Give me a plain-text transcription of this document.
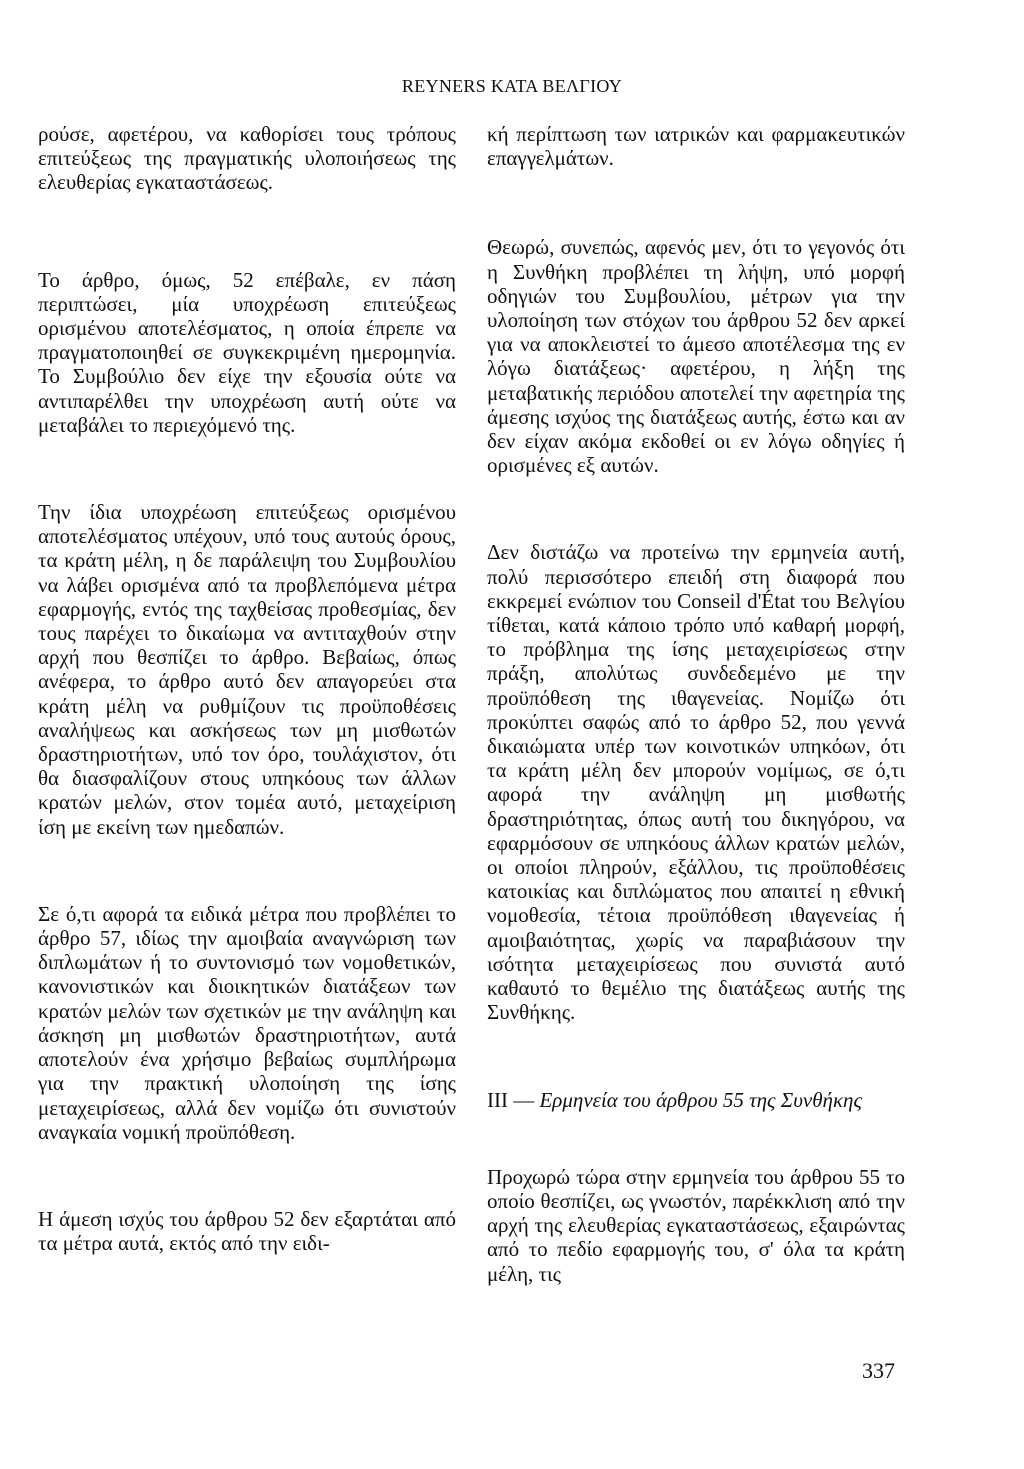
REYNERS ΚΑΤΑ ΒΕΛΓΙΟΥ

ρούσε, αφετέρου, να καθορίσει τους τρόπους επιτεύξεως της πραγματικής υλοποιήσεως της ελευθερίας εγκαταστάσεως.

Το άρθρο, όμως, 52 επέβαλε, εν πάση περιπτώσει, μία υποχρέωση επιτεύξεως ορισμένου αποτελέσματος, η οποία έπρεπε να πραγματοποιηθεί σε συγκεκριμένη ημερομηνία. Το Συμβούλιο δεν είχε την εξουσία ούτε να αντιπαρέλθει την υποχρέωση αυτή ούτε να μεταβάλει το περιεχόμενό της.

Την ίδια υποχρέωση επιτεύξεως ορισμένου αποτελέσματος υπέχουν, υπό τους αυτούς όρους, τα κράτη μέλη, η δε παράλειψη του Συμβουλίου να λάβει ορισμένα από τα προβλεπόμενα μέτρα εφαρμογής, εντός της ταχθείσας προθεσμίας, δεν τους παρέχει το δικαίωμα να αντιταχθούν στην αρχή που θεσπίζει το άρθρο. Βεβαίως, όπως ανέφερα, το άρθρο αυτό δεν απαγορεύει στα κράτη μέλη να ρυθμίζουν τις προϋποθέσεις αναλήψεως και ασκήσεως των μη μισθωτών δραστηριοτήτων, υπό τον όρο, τουλάχιστον, ότι θα διασφαλίζουν στους υπηκόους των άλλων κρατών μελών, στον τομέα αυτό, μεταχείριση ίση με εκείνη των ημεδαπών.

Σε ό,τι αφορά τα ειδικά μέτρα που προβλέπει το άρθρο 57, ιδίως την αμοιβαία αναγνώριση των διπλωμάτων ή το συντονισμό των νομοθετικών, κανονιστικών και διοικητικών διατάξεων των κρατών μελών των σχετικών με την ανάληψη και άσκηση μη μισθωτών δραστηριοτήτων, αυτά αποτελούν ένα χρήσιμο βεβαίως συμπλήρωμα για την πρακτική υλοποίηση της ίσης μεταχειρίσεως, αλλά δεν νομίζω ότι συνιστούν αναγκαία νομική προϋπόθεση.

Η άμεση ισχύς του άρθρου 52 δεν εξαρτάται από τα μέτρα αυτά, εκτός από την ειδι-

κή περίπτωση των ιατρικών και φαρμακευτικών επαγγελμάτων.

Θεωρώ, συνεπώς, αφενός μεν, ότι το γεγονός ότι η Συνθήκη προβλέπει τη λήψη, υπό μορφή οδηγιών του Συμβουλίου, μέτρων για την υλοποίηση των στόχων του άρθρου 52 δεν αρκεί για να αποκλειστεί το άμεσο αποτέλεσμα της εν λόγω διατάξεως· αφετέρου, η λήξη της μεταβατικής περιόδου αποτελεί την αφετηρία της άμεσης ισχύος της διατάξεως αυτής, έστω και αν δεν είχαν ακόμα εκδοθεί οι εν λόγω οδηγίες ή ορισμένες εξ αυτών.

Δεν διστάζω να προτείνω την ερμηνεία αυτή, πολύ περισσότερο επειδή στη διαφορά που εκκρεμεί ενώπιον του Conseil d'État του Βελγίου τίθεται, κατά κάποιο τρόπο υπό καθαρή μορφή, το πρόβλημα της ίσης μεταχειρίσεως στην πράξη, απολύτως συνδεδεμένο με την προϋπόθεση της ιθαγενείας. Νομίζω ότι προκύπτει σαφώς από το άρθρο 52, που γεννά δικαιώματα υπέρ των κοινοτικών υπηκόων, ότι τα κράτη μέλη δεν μπορούν νομίμως, σε ό,τι αφορά την ανάληψη μη μισθωτής δραστηριότητας, όπως αυτή του δικηγόρου, να εφαρμόσουν σε υπηκόους άλλων κρατών μελών, οι οποίοι πληρούν, εξάλλου, τις προϋποθέσεις κατοικίας και διπλώματος που απαιτεί η εθνική νομοθεσία, τέτοια προϋπόθεση ιθαγενείας ή αμοιβαιότητας, χωρίς να παραβιάσουν την ισότητα μεταχειρίσεως που συνιστά αυτό καθαυτό το θεμέλιο της διατάξεως αυτής της Συνθήκης.

III — Ερμηνεία του άρθρου 55 της Συνθήκης

Προχωρώ τώρα στην ερμηνεία του άρθρου 55 το οποίο θεσπίζει, ως γνωστόν, παρέκκλιση από την αρχή της ελευθερίας εγκαταστάσεως, εξαιρώντας από το πεδίο εφαρμογής του, σ' όλα τα κράτη μέλη, τις

337
